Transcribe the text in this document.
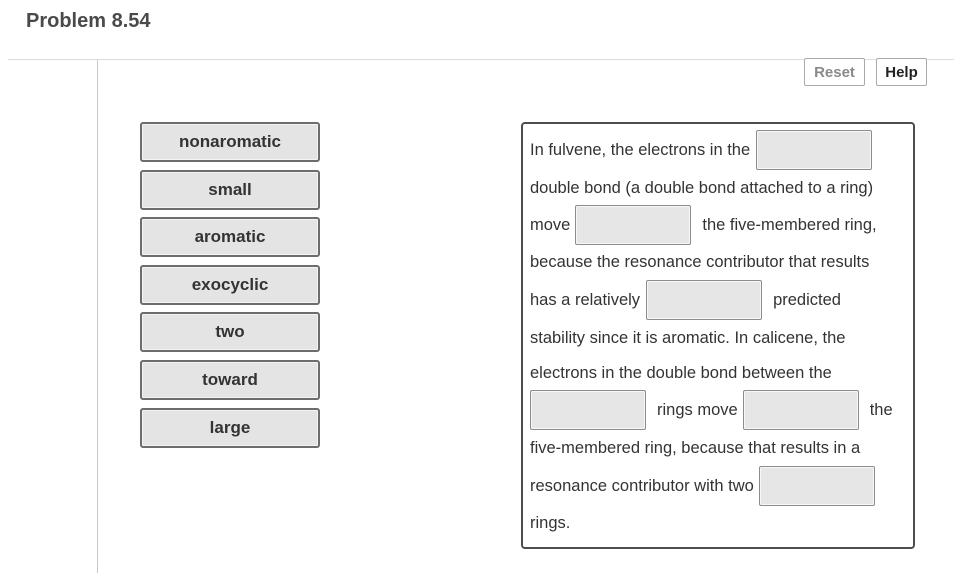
Problem 8.54
Reset	Help
nonaromatic
small
aromatic
exocyclic
two
toward
large
In fulvene, the electrons in the
double bond (a double bond attached to a ring)
move	the five-membered ring,
because the resonance contributor that results
has a relatively	predicted
stability since it is aromatic. In calicene, the
electrons in the double bond between the
rings move	the
five-membered ring, because that results in a
resonance contributor with two
rings.
